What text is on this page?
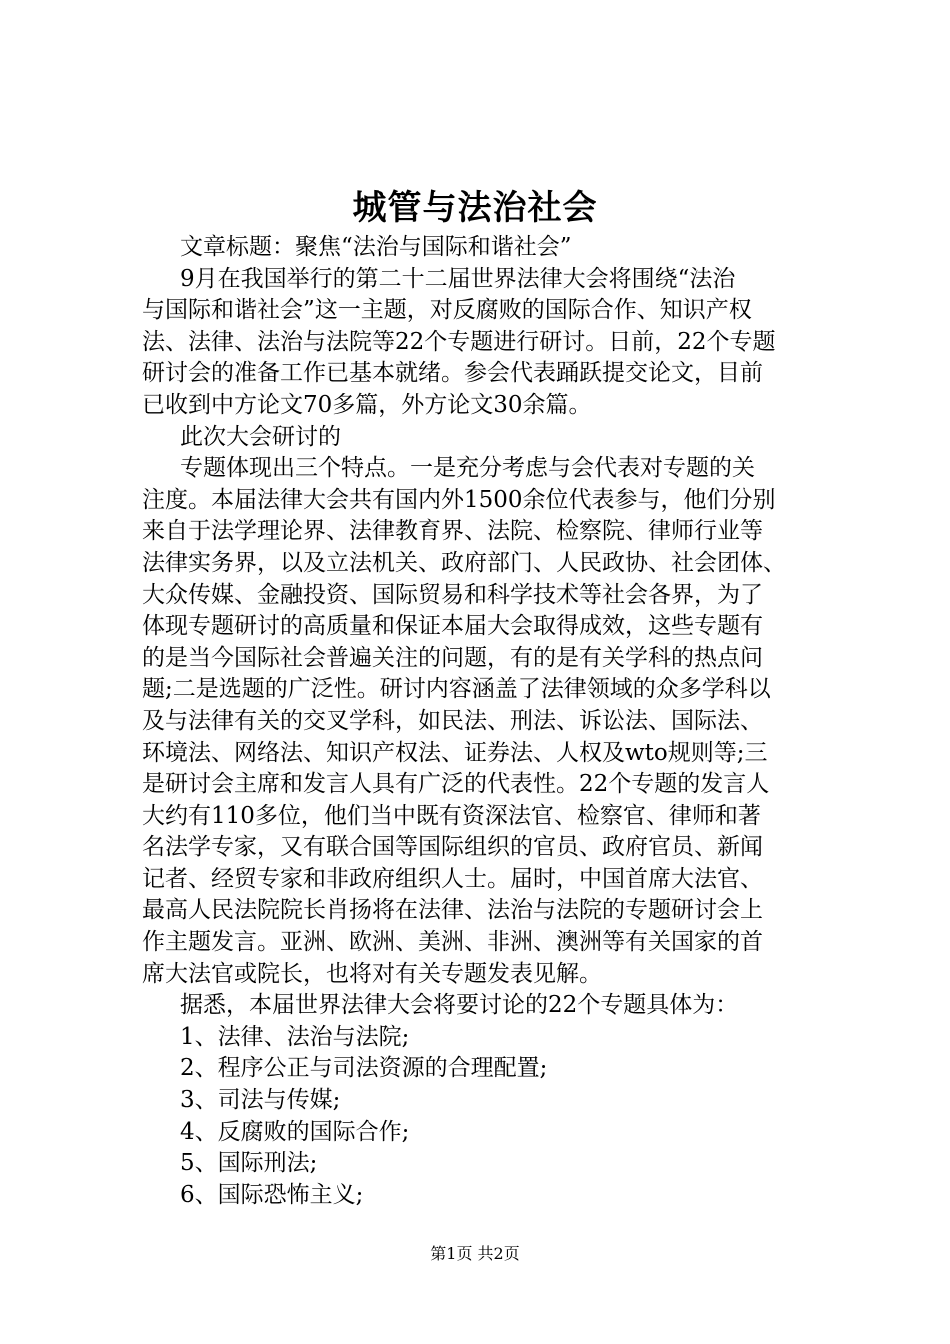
城管与法治社会
文章标题：聚焦“法治与国际和谐社会”
9月在我国举行的第二十二届世界法律大会将围绕“法治
与国际和谐社会”这一主题，对反腐败的国际合作、知识产权
法、法律、法治与法院等22个专题进行研讨。日前，22个专题
研讨会的准备工作已基本就绪。参会代表踊跃提交论文，目前
已收到中方论文70多篇，外方论文30余篇。
此次大会研讨的
专题体现出三个特点。一是充分考虑与会代表对专题的关
注度。本届法律大会共有国内外1500余位代表参与，他们分别
来自于法学理论界、法律教育界、法院、检察院、律师行业等
法律实务界，以及立法机关、政府部门、人民政协、社会团体、
大众传媒、金融投资、国际贸易和科学技术等社会各界，为了
体现专题研讨的高质量和保证本届大会取得成效，这些专题有
的是当今国际社会普遍关注的问题，有的是有关学科的热点问
题;二是选题的广泛性。研讨内容涵盖了法律领域的众多学科以
及与法律有关的交叉学科，如民法、刑法、诉讼法、国际法、
环境法、网络法、知识产权法、证券法、人权及wto规则等;三
是研讨会主席和发言人具有广泛的代表性。22个专题的发言人
大约有110多位，他们当中既有资深法官、检察官、律师和著
名法学专家，又有联合国等国际组织的官员、政府官员、新闻
记者、经贸专家和非政府组织人士。届时，中国首席大法官、
最高人民法院院长肖扬将在法律、法治与法院的专题研讨会上
作主题发言。亚洲、欧洲、美洲、非洲、澳洲等有关国家的首
席大法官或院长，也将对有关专题发表见解。
据悉，本届世界法律大会将要讨论的22个专题具体为：
1、法律、法治与法院;
2、程序公正与司法资源的合理配置;
3、司法与传媒;
4、反腐败的国际合作;
5、国际刑法;
6、国际恐怖主义;
第1页 共2页
